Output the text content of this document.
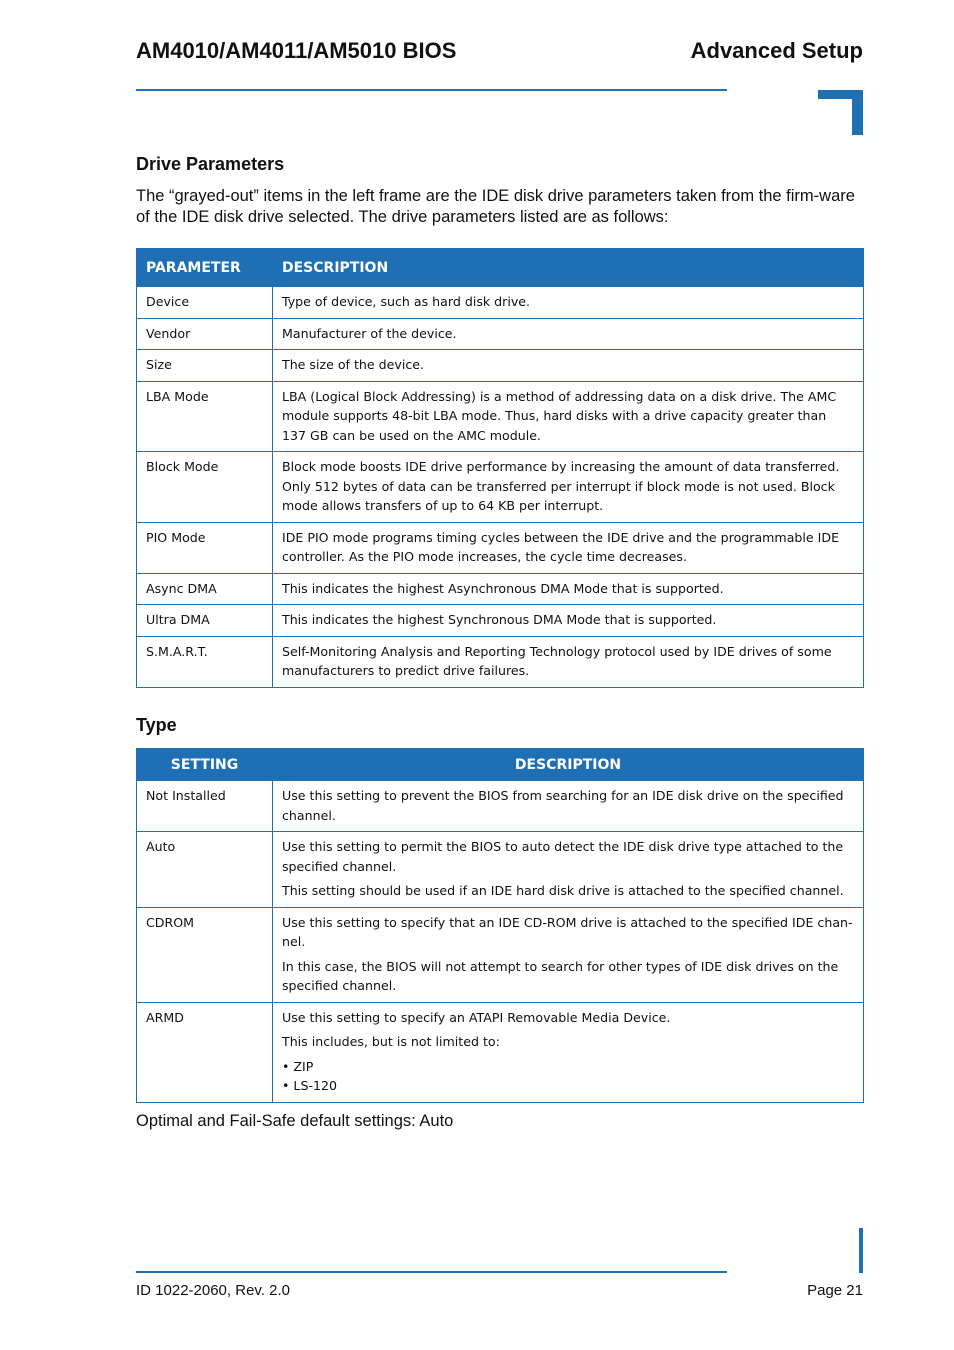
AM4010/AM4011/AM5010 BIOS	Advanced Setup
Drive Parameters
The “grayed-out” items in the left frame are the IDE disk drive parameters taken from the firm-ware of the IDE disk drive selected. The drive parameters listed are as follows:
PARAMETER	DESCRIPTION
Device	Type of device, such as hard disk drive.
Vendor	Manufacturer of the device.
Size	The size of the device.
LBA Mode	LBA (Logical Block Addressing) is a method of addressing data on a disk drive. The AMC module supports 48-bit LBA mode. Thus, hard disks with a drive capacity greater than 137 GB can be used on the AMC module.
Block Mode	Block mode boosts IDE drive performance by increasing the amount of data transferred. Only 512 bytes of data can be transferred per interrupt if block mode is not used. Block mode allows transfers of up to 64 KB per interrupt.
PIO Mode	IDE PIO mode programs timing cycles between the IDE drive and the programmable IDE controller. As the PIO mode increases, the cycle time decreases.
Async DMA	This indicates the highest Asynchronous DMA Mode that is supported.
Ultra DMA	This indicates the highest Synchronous DMA Mode that is supported.
S.M.A.R.T.	Self-Monitoring Analysis and Reporting Technology protocol used by IDE drives of some manufacturers to predict drive failures.
Type
SETTING	DESCRIPTION
Not Installed	Use this setting to prevent the BIOS from searching for an IDE disk drive on the specified channel.

Auto	Use this setting to permit the BIOS to auto detect the IDE disk drive type attached to the specified channel.

This setting should be used if an IDE hard disk drive is attached to the specified channel.

CDROM	Use this setting to specify that an IDE CD-ROM drive is attached to the specified IDE chan-nel.

In this case, the BIOS will not attempt to search for other types of IDE disk drives on the specified channel.

ARMD	Use this setting to specify an ATAPI Removable Media Device.

This includes, but is not limited to:

• ZIP
• LS-120

Optimal and Fail-Safe default settings: Auto
ID 1022-2060, Rev. 2.0	Page 21
